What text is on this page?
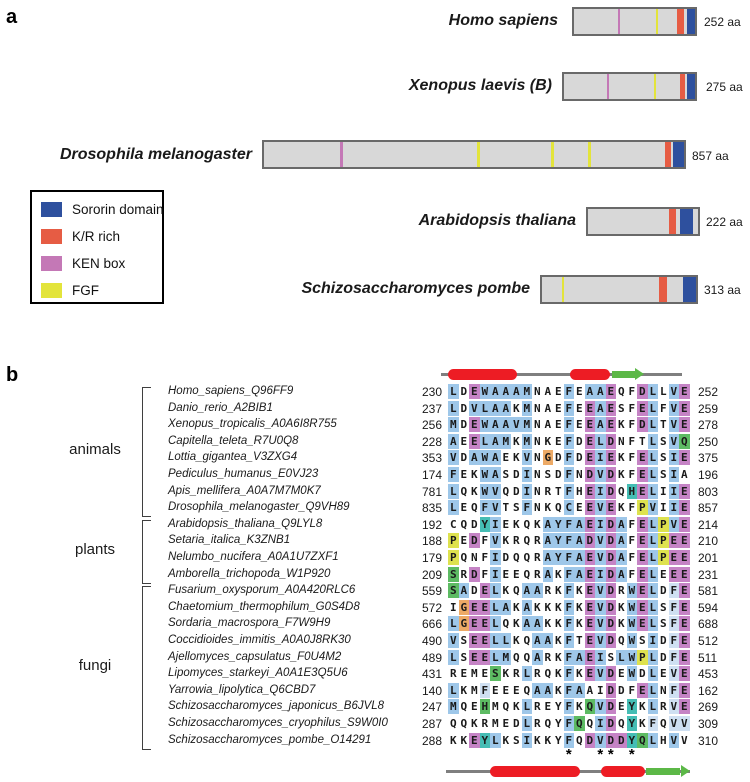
a
b
Homo sapiens	252 aa
Xenopus laevis (B)	275 aa
Drosophila melanogaster	857 aa
Arabidopsis thaliana	222 aa
Schizosaccharomyces pombe	313 aa
Sororin domain
K/R rich
KEN box
FGF
Homo_sapiens_Q96FF9	230 L D E W A A A M N A E F E A A E Q F D L L V E 252
Danio_rerio_A2BIB1	237 L D V L A A K M N A E F E E A E S F E L F V E 259
Xenopus_tropicalis_A0A6I8R755	256 M D E W A A V M N A E F E E A E K F D L T V E 278
Capitella_teleta_R7U0Q8	228 A E E L A M K M N K E F D E L D N F T L S V Q 250
Lottia_gigantea_V3ZXG4	353 V D A W A E K V N G D F D E I E K F E L S I E 375
Pediculus_humanus_E0VJ23	174 F E K W A S D I N S D F N D V D K F E L S I A 196
Apis_mellifera_A0A7M7M0K7	781 L Q K W V Q D I N R T F H E I D Q H E L I I E 803
Drosophila_melanogaster_Q9VH89	835 L E Q F V T S F N K Q C E E V E K F P V I I E 857
Arabidopsis_thaliana_Q9LYL8	192 C Q D Y I E K Q K A Y F A E I D A F E L P V E 214
Setaria_italica_K3ZNB1	188 P E D F V K R Q R A Y F A D V D A F E L P E E 210
Nelumbo_nucifera_A0A1U7ZXF1	179 P Q N F I D Q Q R A Y F A E V D A F E L P E E 201
Amborella_trichopoda_W1P920	209 S R D F I E E Q R A K F A E I D A F E L E E E 231
Fusarium_oxysporum_A0A420RLC6	559 S A D E L K Q A A R K F K E V D R W E L D F E 581
Chaetomium_thermophilum_G0S4D8	572 I G E E L A K A K K K F K E V D K W E L S F E 594
Sordaria_macrospora_F7W9H9	666 L G E E L Q K A A K K F K E V D K W E L S F E 688
Coccidioides_immitis_A0A0J8RK30	490 V S E E L L K Q A A K F T E V D Q W S I D F E 512
Ajellomyces_capsulatus_F0U4M2	489 L S E E L M Q Q A R K F A E I S L W P L D F E 511
Lipomyces_starkeyi_A0A1E3Q5U6	431 R E M E S K R L R Q K F K E V D E W D L E V E 453
Yarrowia_lipolytica_Q6CBD7	140 L K M F E E E Q A A K F A A I D D F E L N F E 162
Schizosaccharomyces_japonicus_B6JVL8	247 M Q E H M Q K L R E Y F K Q V D E Y K L R V E 269
Schizosaccharomyces_cryophilus_S9W0I0	287 Q Q K R M E D L R Q Y F Q Q I D Q Y K F Q V V 309
Schizosaccharomyces_pombe_O14291	288 K K E Y L K S I K K Y F Q D V D D Y Q L H V V 310
animals
plants
fungi
* * * *
